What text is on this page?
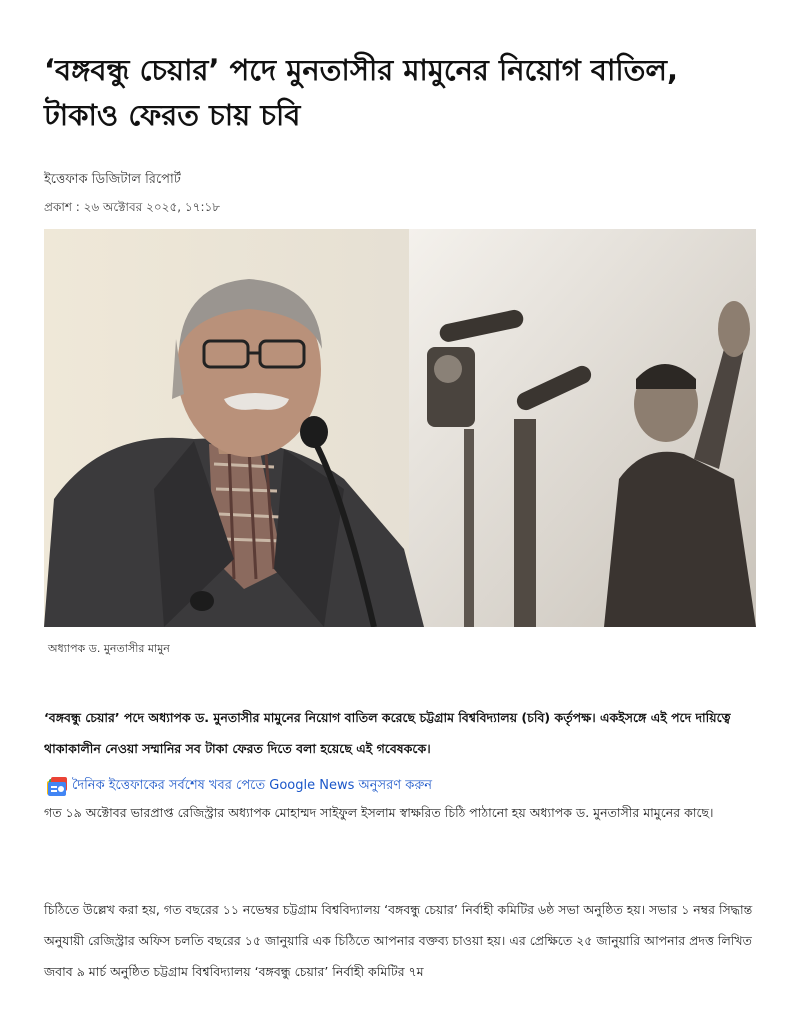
‘বঙ্গবন্ধু চেয়ার’ পদে মুনতাসীর মামুনের নিয়োগ বাতিল, টাকাও ফেরত চায় চবি
ইত্তেফাক ডিজিটাল রিপোর্ট
প্রকাশ : ২৬ অক্টোবর ২০২৫, ১৭:১৮
অধ্যাপক ড. মুনতাসীর মামুন

‘বঙ্গবন্ধু চেয়ার’ পদে অধ্যাপক ড. মুনতাসীর মামুনের নিয়োগ বাতিল করেছে চট্টগ্রাম বিশ্ববিদ্যালয় (চবি) কর্তৃপক্ষ। একইসঙ্গে এই পদে দায়িত্বে থাকাকালীন নেওয়া সম্মানির সব টাকা ফেরত দিতে বলা হয়েছে এই গবেষককে।

দৈনিক ইত্তেফাকের সর্বশেষ খবর পেতে Google News অনুসরণ করুন

গত ১৯ অক্টোবর ভারপ্রাপ্ত রেজিস্ট্রার অধ্যাপক মোহাম্মদ সাইফুল ইসলাম স্বাক্ষরিত চিঠি পাঠানো হয় অধ্যাপক ড. মুনতাসীর মামুনের কাছে।

চিঠিতে উল্লেখ করা হয়, গত বছরের ১১ নভেম্বর চট্টগ্রাম বিশ্ববিদ্যালয় ‘বঙ্গবন্ধু চেয়ার’ নির্বাহী কমিটির ৬ষ্ঠ সভা অনুষ্ঠিত হয়। সভার ১ নম্বর সিদ্ধান্ত অনুযায়ী রেজিস্ট্রার অফিস চলতি বছরের ১৫ জানুয়ারি এক চিঠিতে আপনার বক্তব্য চাওয়া হয়। এর প্রেক্ষিতে ২৫ জানুয়ারি আপনার প্রদত্ত লিখিত জবাব ৯ মার্চ অনুষ্ঠিত চট্টগ্রাম বিশ্ববিদ্যালয় ‘বঙ্গবন্ধু চেয়ার’ নির্বাহী কমিটির ৭ম
